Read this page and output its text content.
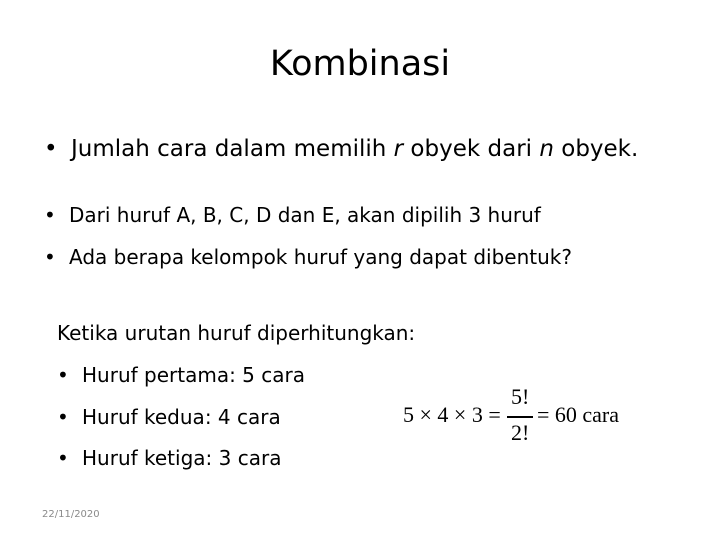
Kombinasi
• Jumlah cara dalam memilih r obyek dari n obyek.
• Dari huruf A, B, C, D dan E, akan dipilih 3 huruf
• Ada berapa kelompok huruf yang dapat dibentuk?
Ketika urutan huruf diperhitungkan:
• Huruf pertama: 5 cara
• Huruf kedua: 4 cara
• Huruf ketiga: 3 cara
5 × 4 × 3 =
5!
2!
= 60 cara
22/11/2020
